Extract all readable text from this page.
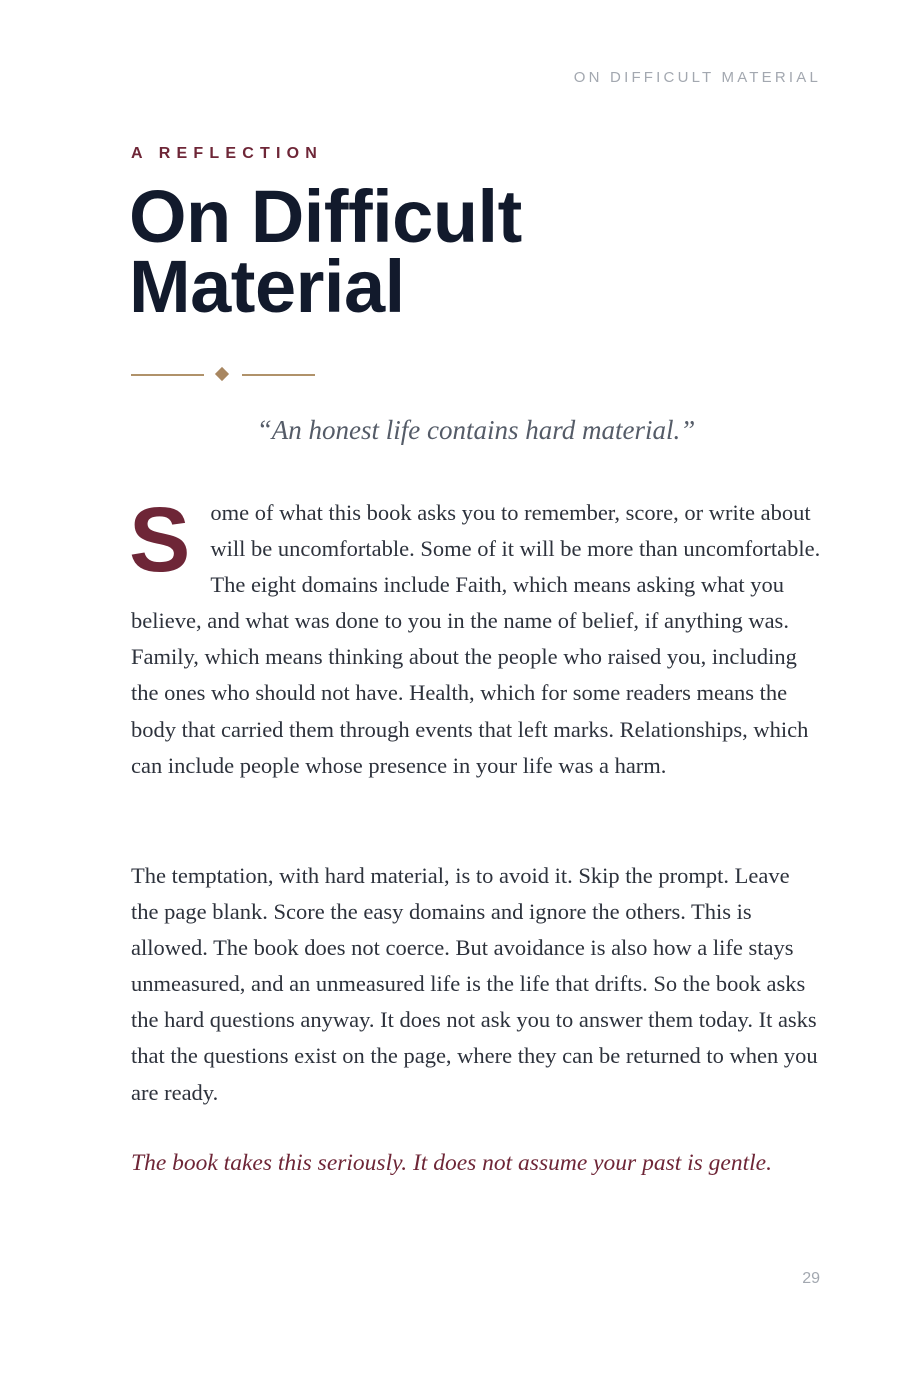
ON DIFFICULT MATERIAL
A REFLECTION
On Difficult
Material
“An honest life contains hard material.”

Some of what this book asks you to remember, score, or write about will be uncomfortable. Some of it will be more than uncomfortable. The eight domains include Faith, which means asking what you believe, and what was done to you in the name of belief, if anything was. Family, which means thinking about the people who raised you, including the ones who should not have. Health, which for some readers means the body that carried them through events that left marks. Relationships, which can include people whose presence in your life was a harm.

The temptation, with hard material, is to avoid it. Skip the prompt. Leave the page blank. Score the easy domains and ignore the others. This is allowed. The book does not coerce. But avoidance is also how a life stays unmeasured, and an unmeasured life is the life that drifts. So the book asks the hard questions anyway. It does not ask you to answer them today. It asks that the questions exist on the page, where they can be returned to when you are ready.

The book takes this seriously. It does not assume your past is gentle.
29
